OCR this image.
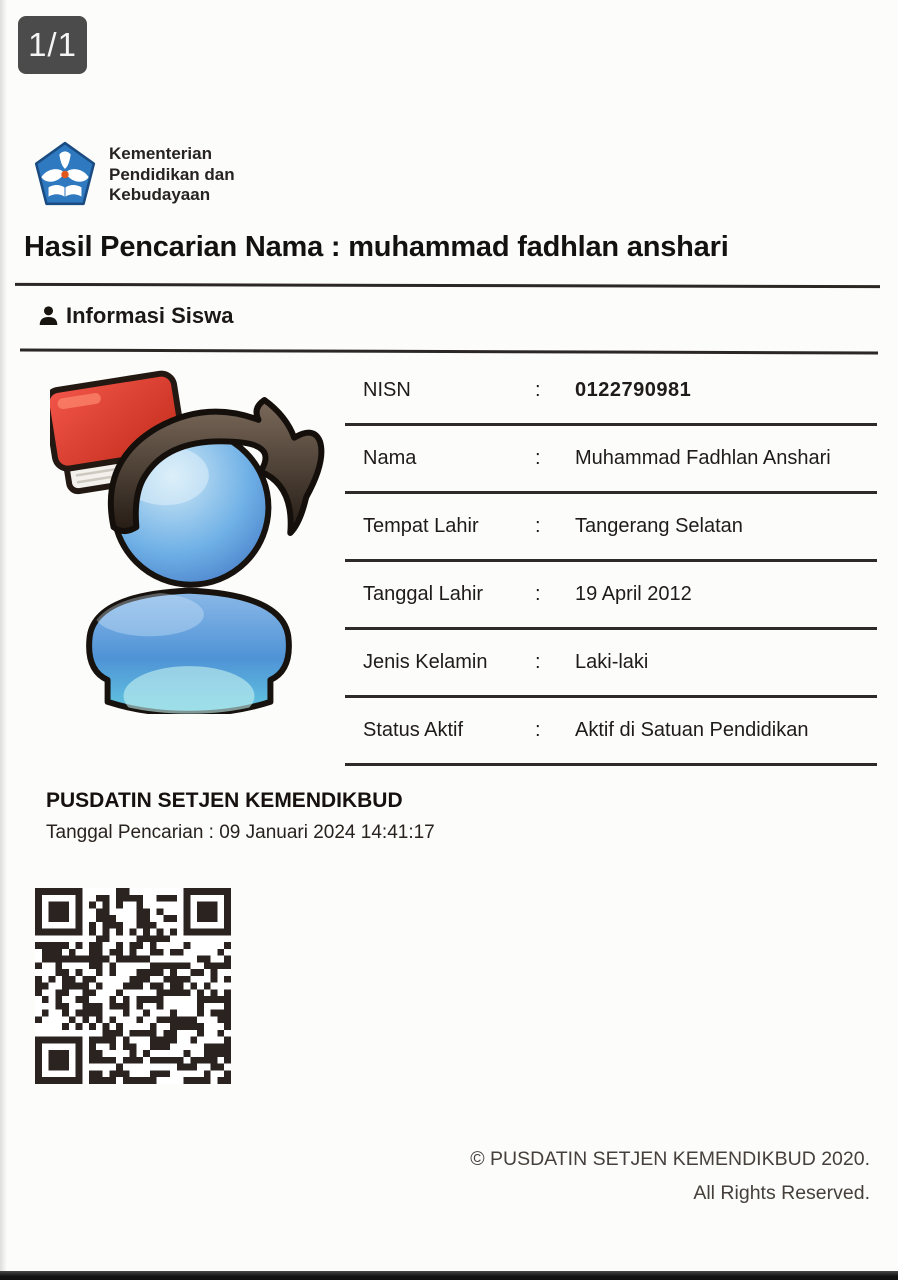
1/1
Kementerian
Pendidikan dan
Kebudayaan
Hasil Pencarian Nama : muhammad fadhlan anshari
Informasi Siswa
NISN	:	0122790981
Nama	:	Muhammad Fadhlan Anshari
Tempat Lahir	:	Tangerang Selatan
Tanggal Lahir	:	19 April 2012
Jenis Kelamin	:	Laki-laki
Status Aktif	:	Aktif di Satuan Pendidikan
PUSDATIN SETJEN KEMENDIKBUD
Tanggal Pencarian : 09 Januari 2024 14:41:17
© PUSDATIN SETJEN KEMENDIKBUD 2020.
All Rights Reserved.
